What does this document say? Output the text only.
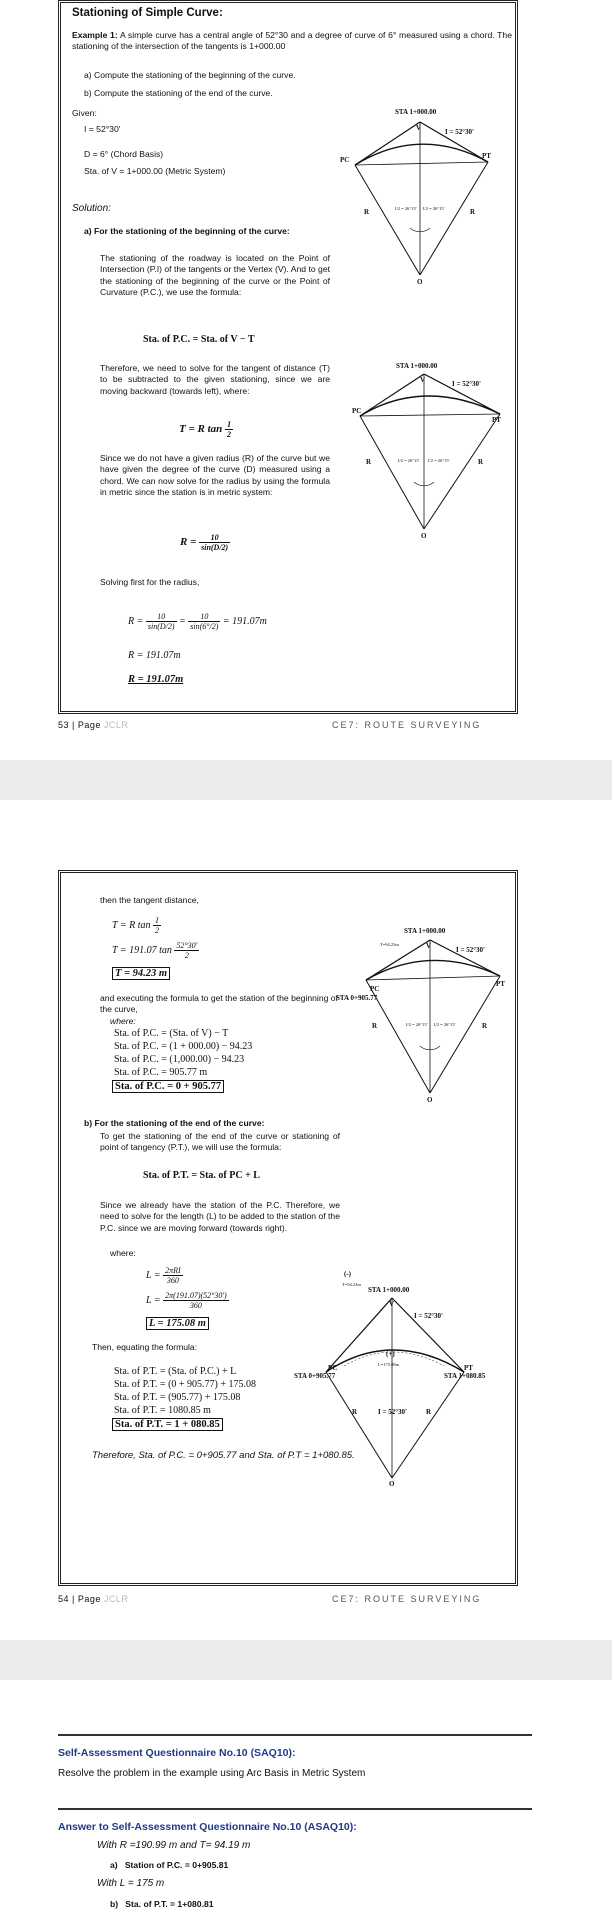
Stationing of Simple Curve:
Example 1: A simple curve has a central angle of 52°30 and a degree of curve of 6° measured using a chord. The stationing of the intersection of the tangents is 1+000.00
a) Compute the stationing of the beginning of the curve.
b) Compute the stationing of the end of the curve.
Given:
I = 52°30'
D = 6° (Chord Basis)
Sta. of V = 1+000.00 (Metric System)
Solution:
a) For the stationing of the beginning of the curve:
The stationing of the roadway is located on the Point of Intersection (P.I) of the tangents or the Vertex (V). And to get the stationing of the beginning of the curve or the Point of Curvature (P.C.), we use the formula:
Sta. of P.C. = Sta. of V − T
Therefore, we need to solve for the tangent of distance (T) to be subtracted to the given stationing, since we are moving backward (towards left), where:
T = R $\tan \frac{I}{2}$
Since we do not have a given radius (R) of the curve but we have given the degree of the curve (D) measured using a chord. We can now solve for the radius by using the formula in metric since the station is in metric system:
$R = \frac{10}{\sin(D/2)}$
Solving first for the radius,
$R = \frac{10}{\sin(D/2)} = \frac{10}{\sin(6^\circ/2)} = 191.07m$
R = 191.07m
R = 191.07m
53 | Page JCLR	CE7: ROUTE SURVEYING
STA 1+000.00
V	I = 52°30'
PC	PT
R	R
I/2 = 26°15' I/2 = 26°15'
O
STA 1+000.00
V	I = 52°30'
PC
PT
R	R
I/2 = 26°15' I/2 = 26°15'
O
then the tangent distance,
T = R $\tan \frac{I}{2}$
T = 191.07 $\tan \frac{52^\circ 30'}{2}$
T = 94.23 m
and executing the formula to get the station of the beginning of the curve,
where:
Sta. of P.C. = (Sta. of V) − T
Sta. of P.C. = (1 + 000.00) − 94.23
Sta. of P.C. = (1,000.00) − 94.23
Sta. of P.C. = 905.77 m
Sta. of P.C. = 0 + 905.77
b) For the stationing of the end of the curve:
To get the stationing of the end of the curve or stationing of point of tangency (P.T.), we will use the formula:
Sta. of P.T. = Sta. of PC + L
Since we already have the station of the P.C. Therefore, we need to solve for the length (L) to be added to the station of the P.C. since we are moving forward (towards right).
where:
$L = \frac{\text{2πRI}}{360}$
$L = \frac{2\pi(191.07)(52^\circ 30')}{360}$
L = 175.08 m
Then, equating the formula:
Sta. of P.T. = (Sta. of P.C.) + L
Sta. of P.T. = (0 + 905.77) + 175.08
Sta. of P.T. = (905.77) + 175.08
Sta. of P.T. = 1080.85 m
Sta. of P.T. = 1 + 080.85
Therefore, Sta. of P.C. = 0+905.77 and Sta. of P.T = 1+080.85.
54 | Page JCLR	CE7: ROUTE SURVEYING
STA 1+000.00
T=94.23m	V	I = 52°30'
PC
STA 0+905.77
PT
R	R
I/2 = 26°15' I/2 = 26°15'
O
(-)
T=94.23m
STA 1+000.00
V
I = 52°30'
(+)
L=175.08m
PC
STA 0+905.77
PT
STA 1+080.85
R	R
I = 52°30'
O
Self-Assessment Questionnaire No.10 (SAQ10):
Resolve the problem in the example using Arc Basis in Metric System
Answer to Self-Assessment Questionnaire No.10 (ASAQ10):
With R =190.99 m and T= 94.19 m
a) Station of P.C. = 0+905.81
With L = 175 m
b) Sta. of P.T. = 1+080.81
